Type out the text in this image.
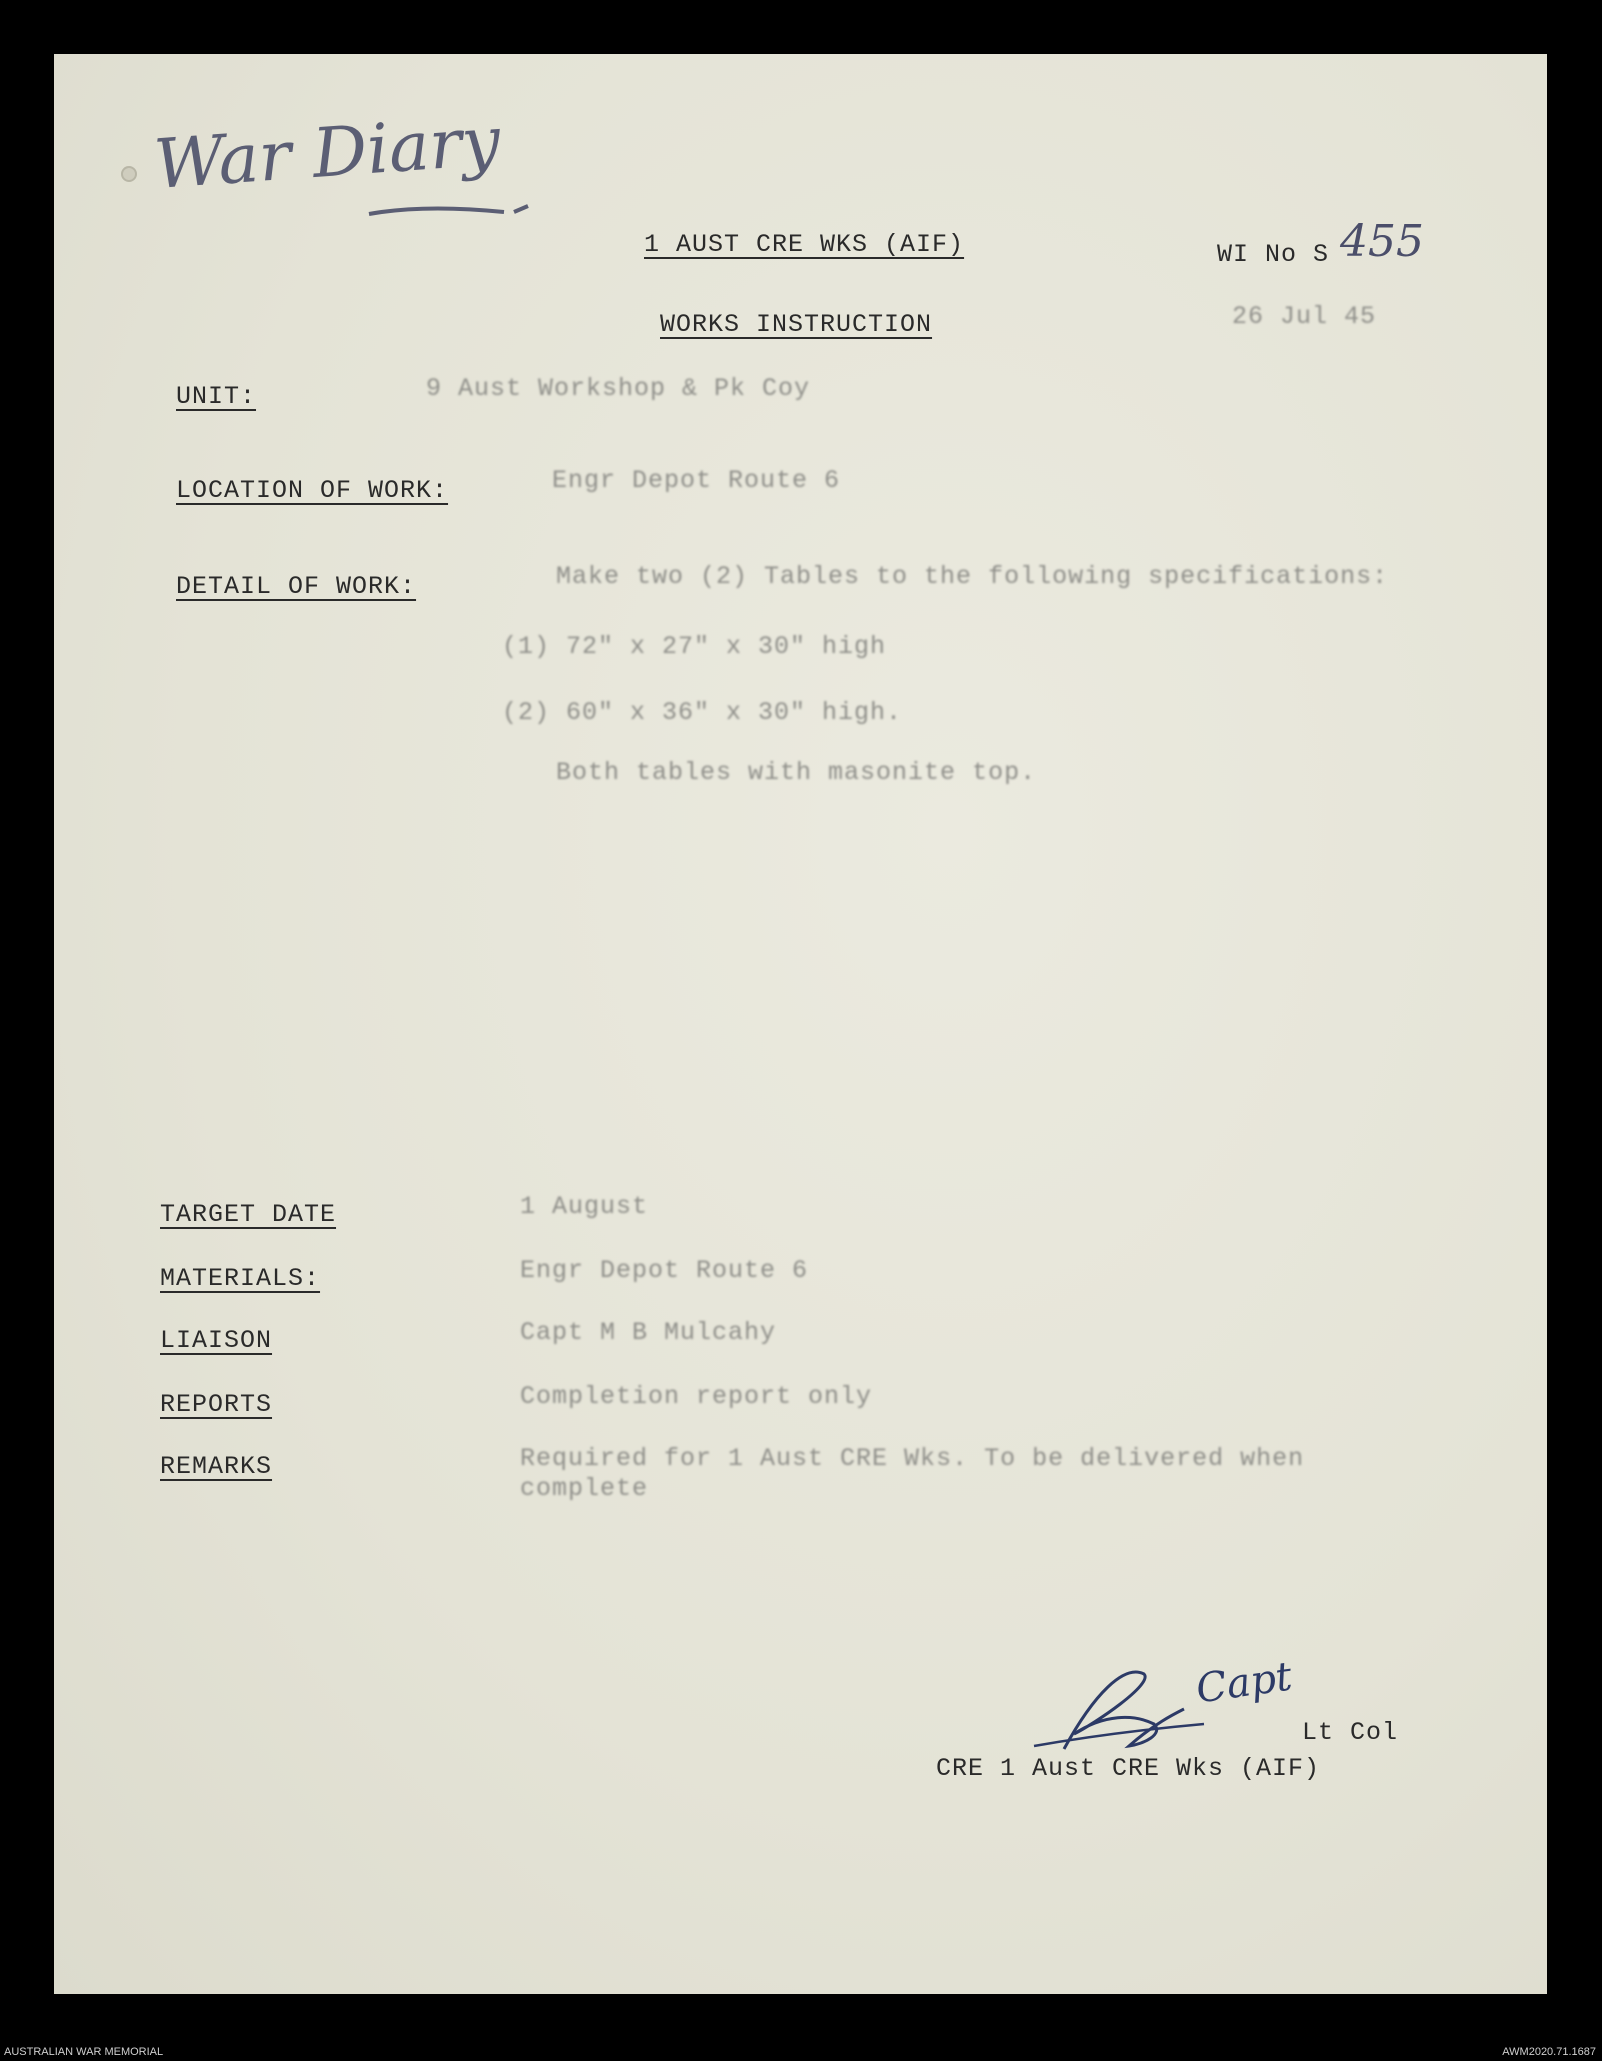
War Diary
1 AUST CRE WKS (AIF)
WORKS INSTRUCTION
WI No S 455
26 Jul 45
UNIT:	9 Aust Workshop & Pk Coy
LOCATION OF WORK:	Engr Depot Route 6
DETAIL OF WORK:	Make two (2) Tables to the following specifications:
(1) 72" x 27" x 30" high
(2) 60" x 36" x 30" high.
Both tables with masonite top.
TARGET DATE	1 August
MATERIALS:	Engr Depot Route 6
LIAISON	Capt M B Mulcahy
REPORTS	Completion report only
REMARKS	Required for 1 Aust CRE Wks. To be delivered when
complete
Capt
Lt Col
CRE 1 Aust CRE Wks (AIF)
AUSTRALIAN WAR MEMORIAL	AWM2020.71.1687
